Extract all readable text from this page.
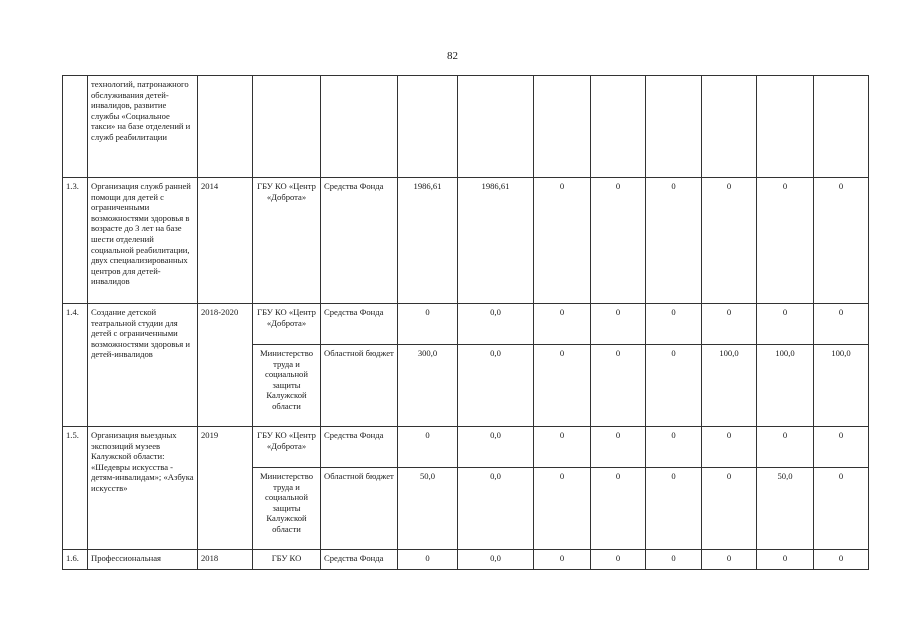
82
	технологий, патронажного обслуживания детей-инвалидов, развитие службы «Социальное такси» на базе отделений и служб реабилитации											
1.3.	Организация служб ранней помощи для детей с ограниченными возможностями здоровья в возрасте до 3 лет на базе шести отделений социальной реабилитации, двух специализированных центров для детей-инвалидов	2014	ГБУ КО «Центр «Доброта»	Средства Фонда	1986,61	1986,61	0	0	0	0	0	0
1.4.	Создание детской театральной студии для детей с ограниченными возможностями здоровья и детей-инвалидов	2018-2020	ГБУ КО «Центр «Доброта»	Средства Фонда	0	0,0	0	0	0	0	0	0
			Министерство труда и социальной защиты Калужской области	Областной бюджет	300,0	0,0	0	0	0	100,0	100,0	100,0
1.5.	Организация выездных экспозиций музеев Калужской области: «Шедевры искусства - детям-инвалидам»; «Азбука искусств»	2019	ГБУ КО «Центр «Доброта»	Средства Фонда	0	0,0	0	0	0	0	0	0
			Министерство труда и социальной защиты Калужской области	Областной бюджет	50,0	0,0	0	0	0	0	50,0	0
1.6.	Профессиональная	2018	ГБУ КО	Средства Фонда	0	0,0	0	0	0	0	0	0
